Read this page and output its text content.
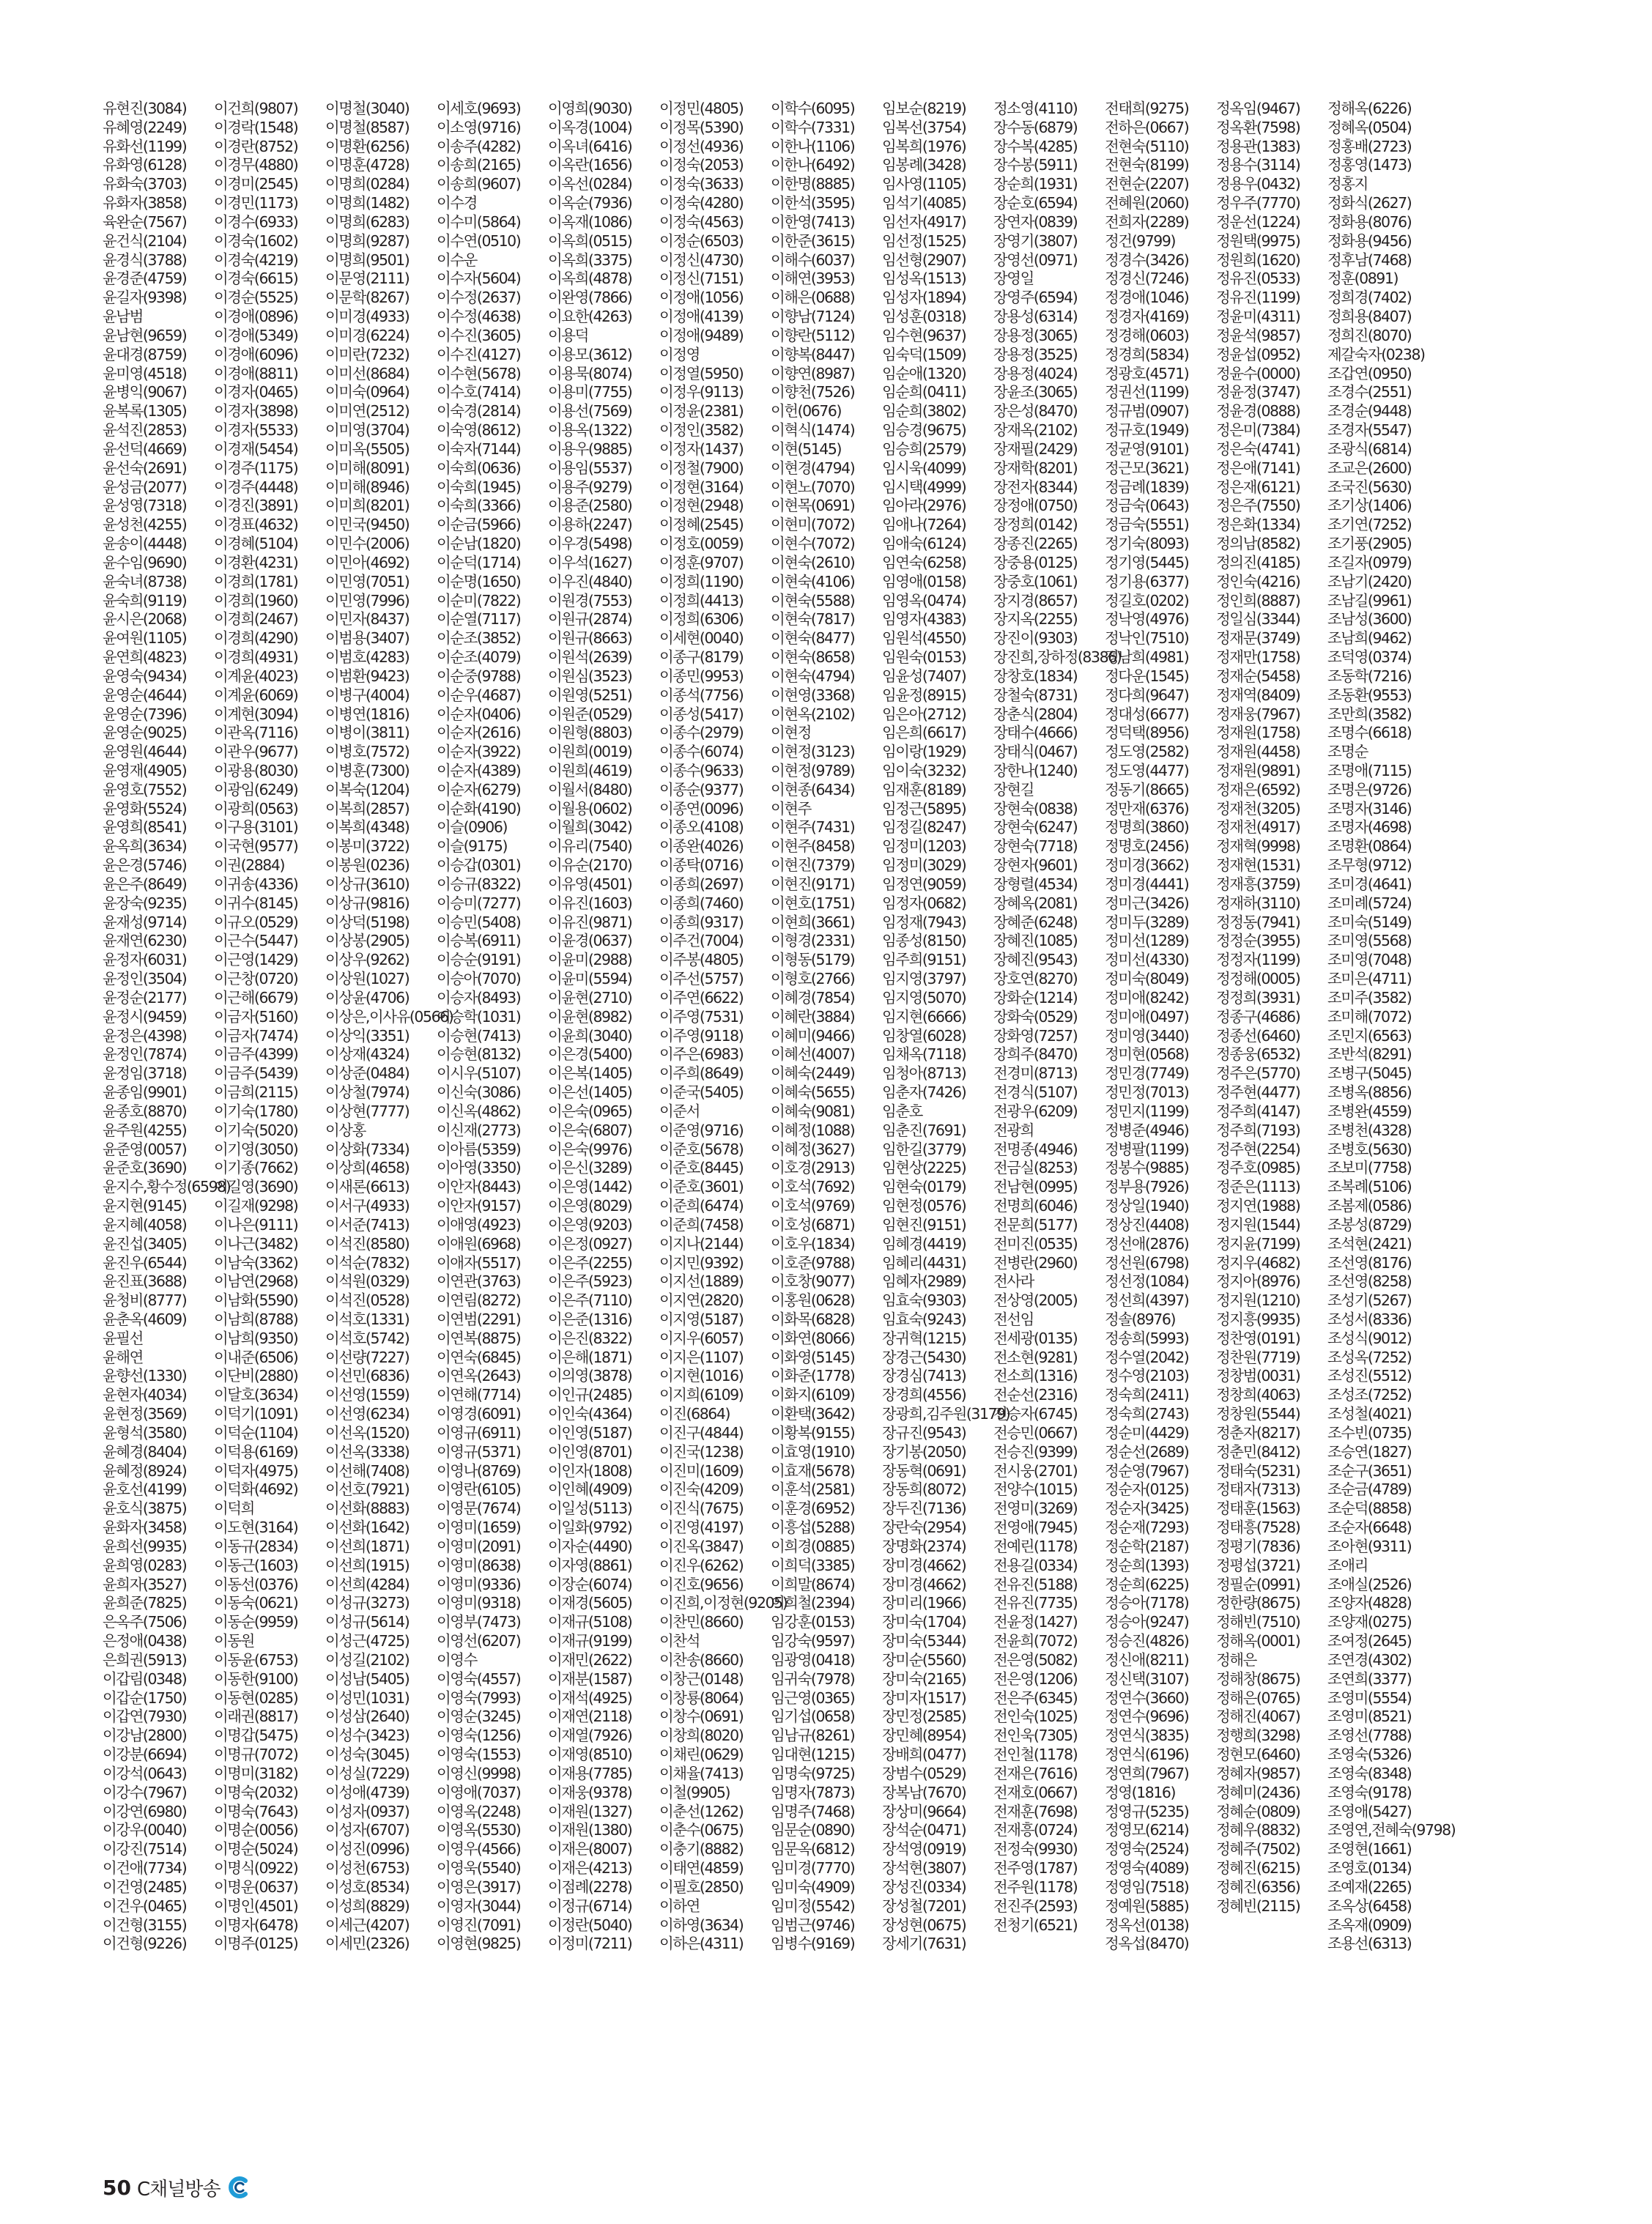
유현진(3084)
유혜영(2249)
유화선(1199)
유화영(6128)
유화숙(3703)
유화자(3858)
육완순(7567)
윤건식(2104)
윤경식(3788)
윤경준(4759)
윤길자(9398)
윤남범
윤남현(9659)
윤대경(8759)
윤미영(4518)
윤병익(9067)
윤복록(1305)
윤석진(2853)
윤선덕(4669)
윤선숙(2691)
윤성금(2077)
윤성영(7318)
윤성천(4255)
윤송이(4448)
윤수임(9690)
윤숙녀(8738)
윤숙희(9119)
윤시은(2068)
윤여원(1105)
윤연희(4823)
윤영숙(9434)
윤영순(4644)
윤영순(7396)
윤영순(9025)
윤영원(4644)
윤영재(4905)
윤영호(7552)
윤영화(5524)
윤영희(8541)
윤옥희(3634)
윤은경(5746)
윤은주(8649)
윤장숙(9235)
윤재성(9714)
윤재연(6230)
윤정자(6031)
윤정인(3504)
윤정순(2177)
윤정시(9459)
윤정은(4398)
윤정인(7874)
윤정임(3718)
윤종임(9901)
윤종호(8870)
윤주원(4255)
윤준영(0057)
윤준호(3690)
윤지수,황수정(6598)
윤지현(9145)
윤지혜(4058)
윤진섭(3405)
윤진우(6544)
윤진표(3688)
윤청비(8777)
윤춘옥(4609)
윤필선
윤해연
윤향선(1330)
윤현자(4034)
윤현정(3569)
윤형석(3580)
윤혜경(8404)
윤혜정(8924)
윤호선(4199)
윤호식(3875)
윤화자(3458)
윤희선(9935)
윤희영(0283)
윤희자(3527)
윤희준(7825)
은옥주(7506)
은정애(0438)
은희권(5913)
이갑림(0348)
이갑순(1750)
이갑연(7930)
이강남(2800)
이강분(6694)
이강석(0643)
이강수(7967)
이강연(6980)
이강우(0040)
이강진(7514)
이건애(7734)
이건영(2485)
이건우(0465)
이건형(3155)
이건형(9226)
이건희(9807)
이경락(1548)
이경란(8752)
이경무(4880)
이경미(2545)
이경민(1173)
이경수(6933)
이경숙(1602)
이경숙(4219)
이경숙(6615)
이경순(5525)
이경애(0896)
이경애(5349)
이경애(6096)
이경애(8811)
이경자(0465)
이경자(3898)
이경자(5533)
이경재(5454)
이경주(1175)
이경주(4448)
이경진(3891)
이경표(4632)
이경혜(5104)
이경환(4231)
이경희(1781)
이경희(1960)
이경희(2467)
이경희(4290)
이경희(4931)
이계윤(4023)
이계윤(6069)
이계현(3094)
이관옥(7116)
이관우(9677)
이광용(8030)
이광임(6249)
이광희(0563)
이구용(3101)
이국현(9577)
이권(2884)
이귀송(4336)
이귀수(8145)
이규오(0529)
이근수(5447)
이근영(1429)
이근창(0720)
이근해(6679)
이금자(5160)
이금자(7474)
이금주(4399)
이금주(5439)
이금희(2115)
이기숙(1780)
이기숙(5020)
이기영(3050)
이기종(7662)
이길영(3690)
이길재(9298)
이나은(9111)
이나근(3482)
이남숙(3362)
이남연(2968)
이남화(5590)
이남희(8788)
이남희(9350)
이내준(6506)
이단비(2880)
이달호(3634)
이덕기(1091)
이덕순(1104)
이덕용(6169)
이덕자(4975)
이덕화(4692)
이덕희
이도현(3164)
이동규(2834)
이동근(1603)
이동선(0376)
이동숙(0621)
이동순(9959)
이동원
이동윤(6753)
이동한(9100)
이동현(0285)
이래권(8817)
이명갑(5475)
이명규(7072)
이명미(3182)
이명숙(2032)
이명숙(7643)
이명순(0056)
이명순(5024)
이명식(0922)
이명운(0637)
이명인(4501)
이명자(6478)
이명주(0125)
이명철(3040)
이명철(8587)
이명환(6256)
이명훈(4728)
이명희(0284)
이명희(1482)
이명희(6283)
이명희(9287)
이명희(9501)
이문영(2111)
이문학(8267)
이미경(4933)
이미경(6224)
이미란(7232)
이미선(8684)
이미숙(0964)
이미연(2512)
이미영(3704)
이미옥(5505)
이미해(8091)
이미해(8946)
이미희(8201)
이민국(9450)
이민수(2006)
이민아(4692)
이민영(7051)
이민영(7996)
이민자(8437)
이범용(3407)
이범호(4283)
이범환(9423)
이병구(4004)
이병연(1816)
이병이(3811)
이병호(7572)
이병훈(7300)
이복숙(1204)
이복희(2857)
이복희(4348)
이봉미(3722)
이봉원(0236)
이상규(3610)
이상규(9816)
이상덕(5198)
이상봉(2905)
이상우(9262)
이상원(1027)
이상윤(4706)
이상은,이사유(0566)
이상익(3351)
이상재(4324)
이상준(0484)
이상철(7974)
이상현(7777)
이상홍
이상화(7334)
이상희(4658)
이새론(6613)
이서구(4933)
이서준(7413)
이석진(8580)
이석순(7832)
이석원(0329)
이석진(0528)
이석호(1331)
이석호(5742)
이선량(7227)
이선민(6836)
이선영(1559)
이선영(6234)
이선옥(1520)
이선옥(3338)
이선해(7408)
이선호(7921)
이선화(8883)
이선화(1642)
이선희(1871)
이선희(1915)
이선희(4284)
이성규(3273)
이성규(5614)
이성근(4725)
이성길(2102)
이성남(5405)
이성민(1031)
이성삼(2640)
이성수(3423)
이성숙(3045)
이성실(7229)
이성애(4739)
이성자(0937)
이성자(6707)
이성진(0996)
이성천(6753)
이성호(8534)
이성희(8829)
이세근(4207)
이세민(2326)
이세호(9693)
이소영(9716)
이송주(4282)
이송희(2165)
이송희(9607)
이수경
이수미(5864)
이수연(0510)
이수운
이수자(5604)
이수정(2637)
이수정(4638)
이수진(3605)
이수진(4127)
이수현(5678)
이수호(7414)
이숙경(2814)
이숙영(8612)
이숙자(7144)
이숙희(0636)
이숙희(1945)
이숙희(3366)
이순금(5966)
이순남(1820)
이순덕(1714)
이순명(1650)
이순미(7822)
이순열(7117)
이순조(3852)
이순조(4079)
이순중(9788)
이순우(4687)
이순자(0406)
이순자(2616)
이순자(3922)
이순자(4389)
이순자(6279)
이순화(4190)
이슬(0906)
이슬(9175)
이승갑(0301)
이승규(8322)
이승미(7277)
이승민(5408)
이승복(6911)
이승순(9191)
이승아(7070)
이승자(8493)
이승학(1031)
이승현(7413)
이승현(8132)
이시우(5107)
이신숙(3086)
이신옥(4862)
이신재(2773)
이아름(5359)
이아영(3350)
이안자(8443)
이안자(9157)
이애영(4923)
이애원(6968)
이애자(5517)
이연관(3763)
이연림(8272)
이연범(2291)
이연복(8875)
이연숙(6845)
이연옥(2643)
이연해(7714)
이영경(6091)
이영규(6911)
이영규(5371)
이영나(8769)
이영란(6105)
이영문(7674)
이영미(1659)
이영미(2091)
이영미(8638)
이영미(9336)
이영미(9318)
이영부(7473)
이영선(6207)
이영수
이영숙(4557)
이영숙(7993)
이영순(3245)
이영숙(1256)
이영숙(1553)
이영신(9998)
이영애(7037)
이영옥(2248)
이영옥(5530)
이영우(4566)
이영욱(5540)
이영은(3917)
이영자(3044)
이영진(7091)
이영현(9825)
이영희(9030)
이옥경(1004)
이옥녀(6416)
이옥란(1656)
이옥선(0284)
이옥순(7936)
이옥재(1086)
이옥희(0515)
이옥희(3375)
이옥희(4878)
이완영(7866)
이요한(4263)
이용덕
이용모(3612)
이용묵(8074)
이용미(7755)
이용선(7569)
이용옥(1322)
이용우(9885)
이용임(5537)
이용주(9279)
이용준(2580)
이용하(2247)
이우경(5498)
이우석(1627)
이우진(4840)
이원경(7553)
이원규(2874)
이원규(8663)
이원석(2639)
이원심(3523)
이원영(5251)
이원준(0529)
이원형(8803)
이원희(0019)
이원희(4619)
이월서(8480)
이월용(0602)
이월희(3042)
이유리(7540)
이유순(2170)
이유영(4501)
이유진(1603)
이유진(9871)
이윤경(0637)
이윤미(2988)
이윤미(5594)
이윤현(2710)
이윤현(8982)
이윤희(3040)
이은경(5400)
이은복(1405)
이은선(1405)
이은숙(0965)
이은숙(6807)
이은숙(9976)
이은신(3289)
이은영(1442)
이은영(8029)
이은영(9203)
이은정(0927)
이은주(2255)
이은주(5923)
이은주(7110)
이은준(1316)
이은진(8322)
이은해(1871)
이의영(3878)
이인규(2485)
이인숙(4364)
이인영(5187)
이인영(8701)
이인자(1808)
이인혜(4909)
이일성(5113)
이일화(9792)
이자순(4490)
이자영(8861)
이장순(6074)
이재경(5605)
이재규(5108)
이재규(9199)
이재민(2622)
이재분(1587)
이재석(4925)
이재연(2118)
이재열(7926)
이재영(8510)
이재용(7785)
이재웅(9378)
이재원(1327)
이재원(1380)
이재은(8007)
이재은(4213)
이점례(2278)
이정규(6714)
이정란(5040)
이정미(7211)
이정민(4805)
이정목(5390)
이정선(4936)
이정숙(2053)
이정숙(3633)
이정숙(4280)
이정숙(4563)
이정순(6503)
이정신(4730)
이정신(7151)
이정애(1056)
이정애(4139)
이정애(9489)
이정영
이정열(5950)
이정우(9113)
이정윤(2381)
이정인(3582)
이정자(1437)
이정철(7900)
이정현(3164)
이정현(2948)
이정혜(2545)
이정호(0059)
이정훈(9707)
이정희(1190)
이정희(4413)
이정희(6306)
이세현(0040)
이종구(8179)
이종민(9953)
이종석(7756)
이종성(5417)
이종수(2979)
이종수(6074)
이종수(9633)
이종순(9377)
이종연(0096)
이종오(4108)
이종완(4026)
이종탁(0716)
이종희(2697)
이종희(7460)
이종희(9317)
이주건(7004)
이주봉(4805)
이주선(5757)
이주연(6622)
이주영(7531)
이주영(9118)
이주은(6983)
이주희(8649)
이준국(5405)
이준서
이준영(9716)
이준호(5678)
이준호(8445)
이준호(3601)
이준희(6474)
이준희(7458)
이지나(2144)
이지민(9392)
이지선(1889)
이지연(2820)
이지영(5187)
이지우(6057)
이지은(1107)
이지현(1016)
이지희(6109)
이진(6864)
이진구(4844)
이진국(1238)
이진미(1609)
이진숙(4209)
이진식(7675)
이진영(4197)
이진옥(3847)
이진우(6262)
이진호(9656)
이진희,이정현(9205)
이찬민(8660)
이찬석
이찬송(8660)
이창근(0148)
이창룡(8064)
이창수(0691)
이창희(8020)
이채린(0629)
이채율(7413)
이철(9905)
이춘선(1262)
이춘수(0675)
이충기(8882)
이태연(4859)
이필호(2850)
이하연
이하영(3634)
이하은(4311)
이학수(6095)
이학수(7331)
이한나(1106)
이한나(6492)
이한명(8885)
이한석(3595)
이한영(7413)
이한준(3615)
이해수(6037)
이해연(3953)
이해은(0688)
이향남(7124)
이향란(5112)
이향복(8447)
이향연(8987)
이향천(7526)
이헌(0676)
이혁식(1474)
이현(5145)
이현경(4794)
이현노(7070)
이현목(0691)
이현미(7072)
이현수(7072)
이현숙(2610)
이현숙(4106)
이현숙(5588)
이현숙(7817)
이현숙(8477)
이현숙(8658)
이현숙(4794)
이현영(3368)
이현옥(2102)
이현정
이현정(3123)
이현정(9789)
이현종(6434)
이현주
이현주(7431)
이현주(8458)
이현진(7379)
이현진(9171)
이현호(1751)
이현희(3661)
이형경(2331)
이형동(5179)
이형호(2766)
이혜경(7854)
이혜란(3884)
이혜미(9466)
이혜선(4007)
이혜숙(2449)
이혜숙(5655)
이혜숙(9081)
이혜정(1088)
이혜정(3627)
이호경(2913)
이호석(7692)
이호석(9769)
이호성(6871)
이호우(1834)
이호준(9788)
이호창(9077)
이홍원(0628)
이화목(6828)
이화연(8066)
이화영(5145)
이화준(1778)
이화지(6109)
이환택(3642)
이황복(9155)
이효영(1910)
이효재(5678)
이훈석(2581)
이훈경(6952)
이흥섭(5288)
이희경(0885)
이희덕(3385)
이희말(8674)
이희철(2394)
임강훈(0153)
임강숙(9597)
임광영(0418)
임귀숙(7978)
임근영(0365)
임기섭(0658)
임남규(8261)
임대현(1215)
임명숙(9725)
임명자(7873)
임명주(7468)
임문순(0890)
임문옥(6812)
임미경(7770)
임미숙(4909)
임미정(5542)
임범근(9746)
임병수(9169)
임보순(8219)
임복선(3754)
임복희(1976)
임봉례(3428)
임사영(1105)
임석기(4085)
임선자(4917)
임선정(1525)
임선형(2907)
임성옥(1513)
임성자(1894)
임성훈(0318)
임수현(9637)
임숙덕(1509)
임순애(1320)
임순희(0411)
임순희(3802)
임승경(9675)
임승희(2579)
임시욱(4099)
임시택(4999)
임아라(2976)
임애나(7264)
임애숙(6124)
임연숙(6258)
임영애(0158)
임영옥(0474)
임영자(4383)
임원석(4550)
임원숙(0153)
임윤성(7407)
임윤정(8915)
임은아(2712)
임은희(6617)
임이랑(1929)
임이숙(3232)
임재훈(8189)
임정근(5895)
임정길(8247)
임정미(1203)
임정미(3029)
임정연(9059)
임정자(0682)
임정재(7943)
임종성(8150)
임주희(9151)
임지영(3797)
임지영(5070)
임지현(6666)
임창열(6028)
임채옥(7118)
임청아(8713)
임춘자(7426)
임춘호
임춘진(7691)
임한길(3779)
임현상(2225)
임현숙(0179)
임현정(0576)
임현진(9151)
임혜경(4419)
임혜리(4431)
임혜자(2989)
임효숙(9303)
임효숙(9243)
장귀혁(1215)
장경근(5430)
장경심(7413)
장경희(4556)
장광희,김주원(3179)
장규진(9543)
장기봉(2050)
장동혁(0691)
장동희(8072)
장두진(7136)
장란숙(2954)
장명화(2374)
장미경(4662)
장미경(4662)
장미리(1966)
장미숙(1704)
장미숙(5344)
장미순(5560)
장미숙(2165)
장미자(1517)
장민정(2585)
장민혜(8954)
장배희(0477)
장범수(0529)
장복남(7670)
장상미(9664)
장석순(0471)
장석영(0919)
장석현(3807)
장성진(0334)
장성철(7201)
장성현(0675)
장세기(7631)
정소영(4110)
장수동(6879)
장수복(4285)
장수봉(5911)
장순희(1931)
장순호(6594)
장연자(0839)
장영기(3807)
장영선(0971)
장영일
장영주(6594)
장용성(6314)
장용정(3065)
장용정(3525)
장용정(4024)
장윤조(3065)
장은성(8470)
장재옥(2102)
장재필(2429)
장재학(8201)
장전자(8344)
장정애(0750)
장정희(0142)
장종진(2265)
장중용(0125)
장중호(1061)
장지경(8657)
장지옥(2255)
장진이(9303)
장진희,장하정(8386)
장창호(1834)
장철숙(8731)
장춘식(2804)
장태수(4666)
장태식(0467)
장한나(1240)
장현길
장현숙(0838)
장현숙(6247)
장현숙(7718)
장현자(9601)
장형렬(4534)
장혜옥(2081)
장혜준(6248)
장혜진(1085)
장혜진(9543)
장호연(8270)
장화순(1214)
장화숙(0529)
장화영(7257)
장희주(8470)
전경미(8713)
전경식(5107)
전광우(6209)
전광희
전명종(4946)
전금실(8253)
전남현(0995)
전명희(6046)
전문희(5177)
전미진(0535)
전병란(2960)
전사라
전상영(2005)
전선임
전세광(0135)
전소현(9281)
전소희(1316)
전순선(2316)
전승자(6745)
전승민(0667)
전승진(9399)
전시웅(2701)
전양수(1015)
전영미(3269)
전영애(7945)
전예린(1178)
전용길(0334)
전유진(5188)
전유진(7735)
전윤정(1427)
전윤희(7072)
전은영(5082)
전은영(1206)
전은주(6345)
전인숙(1025)
전인욱(7305)
전인철(1178)
전재은(7616)
전재호(0667)
전재훈(7698)
전재흥(0724)
전정숙(9930)
전주영(1787)
전주원(1178)
전진주(2593)
전청기(6521)
전태희(9275)
전하은(0667)
전현숙(5110)
전현숙(8199)
전현순(2207)
전혜원(2060)
전희자(2289)
정건(9799)
정경수(3426)
정경신(7246)
정경애(1046)
정경자(4169)
정경해(0603)
정경희(5834)
정광호(4571)
정권선(1199)
정규범(0907)
정규호(1949)
정균영(9101)
정근모(3621)
정금례(1839)
정금숙(0643)
정금숙(5551)
정기숙(8093)
정기영(5445)
정기용(6377)
정길호(0202)
정낙영(4976)
정낙인(7510)
정남희(4981)
정다운(1545)
정다희(9647)
정대성(6677)
정덕택(8956)
정도영(2582)
정도영(4477)
정동기(8665)
정만재(6376)
정명희(3860)
정명호(2456)
정미경(3662)
정미경(4441)
정미근(3426)
정미두(3289)
정미선(1289)
정미선(4330)
정미숙(8049)
정미애(8242)
정미애(0497)
정미영(3440)
정미현(0568)
정민경(7749)
정민정(7013)
정민지(1199)
정병준(4946)
정병팔(1199)
정봉수(9885)
정부용(7926)
정상일(1940)
정상진(4408)
정선애(2876)
정선원(6798)
정선정(1084)
정선희(4397)
정솔(8976)
정송희(5993)
정수열(2042)
정수영(2103)
정숙희(2411)
정숙희(2743)
정순미(4429)
정순선(2689)
정순영(7967)
정순자(0125)
정순자(3425)
정순재(7293)
정순학(2187)
정순희(1393)
정순희(6225)
정승아(7178)
정승아(9247)
정승진(4826)
정신애(8211)
정신택(3107)
정연수(3660)
정연수(9696)
정연식(3835)
정연식(6196)
정연희(7967)
정영(1816)
정영규(5235)
정영모(6214)
정영숙(2524)
정영숙(4089)
정영임(7518)
정예원(5885)
정옥선(0138)
정옥섭(8470)
정옥임(9467)
정옥환(7598)
정용관(1383)
정용수(3114)
정용우(0432)
정우주(7770)
정운선(1224)
정원택(9975)
정원희(1620)
정유진(0533)
정유진(1199)
정윤미(4311)
정윤석(9857)
정윤섭(0952)
정윤수(0000)
정윤정(3747)
정윤경(0888)
정은미(7384)
정은숙(4741)
정은애(7141)
정은재(6121)
정은주(7550)
정은화(1334)
정의남(8582)
정의진(4185)
정인숙(4216)
정인희(8887)
정일심(3344)
정재문(3749)
정재만(1758)
정재순(5458)
정재역(8409)
정재웅(7967)
정재원(1758)
정재원(4458)
정재원(9891)
정재은(6592)
정재천(3205)
정재천(4917)
정재혁(9998)
정재현(1531)
정재흥(3759)
정재하(3110)
정정동(7941)
정정순(3955)
정정자(1199)
정정해(0005)
정정희(3931)
정종구(4686)
정종선(6460)
정종웅(6532)
정주은(5770)
정주현(4477)
정주희(4147)
정주희(7193)
정주현(2254)
정주호(0985)
정준은(1113)
정지연(1988)
정지원(1544)
정지윤(7199)
정지우(4682)
정지아(8976)
정지원(1210)
정지흥(9935)
정찬영(0191)
정찬원(7719)
정창범(0031)
정창희(4063)
정창원(5544)
정춘자(8217)
정춘민(8412)
정태숙(5231)
정태자(7313)
정태훈(1563)
정태흥(7528)
정평기(7836)
정평섭(3721)
정필순(0991)
정한량(8675)
정해빈(7510)
정해옥(0001)
정해은
정해창(8675)
정해은(0765)
정해진(4067)
정행희(3298)
정현모(6460)
정혜자(9857)
정혜미(2436)
정혜순(0809)
정혜우(8832)
정혜주(7502)
정혜진(6215)
정혜진(6356)
정혜빈(2115)
정해옥(6226)
정혜옥(0504)
정홍배(2723)
정홍영(1473)
정홍지
정화식(2627)
정화용(8076)
정화용(9456)
정후남(7468)
정훈(0891)
정희경(7402)
정희용(8407)
정희진(8070)
제갈숙자(0238)
조갑연(0950)
조경수(2551)
조경순(9448)
조경자(5547)
조광식(6814)
조교은(2600)
조국진(5630)
조기상(1406)
조기연(7252)
조기풍(2905)
조길자(0979)
조남기(2420)
조남길(9961)
조남성(3600)
조남희(9462)
조덕영(0374)
조동학(7216)
조동환(9553)
조만희(3582)
조명수(6618)
조명순
조명애(7115)
조명은(9726)
조명자(3146)
조명자(4698)
조명환(0864)
조무형(9712)
조미경(4641)
조미례(5724)
조미숙(5149)
조미영(5568)
조미영(7048)
조미은(4711)
조미주(3582)
조미해(7072)
조민지(6563)
조반석(8291)
조병구(5045)
조병옥(8856)
조병완(4559)
조병천(4328)
조병호(5630)
조보미(7758)
조복례(5106)
조봄제(0586)
조봉성(8729)
조석현(2421)
조선영(8176)
조선영(8258)
조성기(5267)
조성서(8336)
조성식(9012)
조성옥(7252)
조성진(5512)
조성조(7252)
조성철(4021)
조수빈(0735)
조승연(1827)
조순구(3651)
조순금(4789)
조순덕(8858)
조순자(6648)
조아현(9311)
조애리
조애실(2526)
조양자(4828)
조양재(0275)
조여정(2645)
조연경(4302)
조연희(3377)
조영미(5554)
조영미(8521)
조영선(7788)
조영숙(5326)
조영숙(8348)
조영숙(9178)
조영애(5427)
조영연,전혜숙(9798)
조영현(1661)
조영호(0134)
조예재(2265)
조옥상(6458)
조옥재(0909)
조용선(6313)
50 C채널방송
